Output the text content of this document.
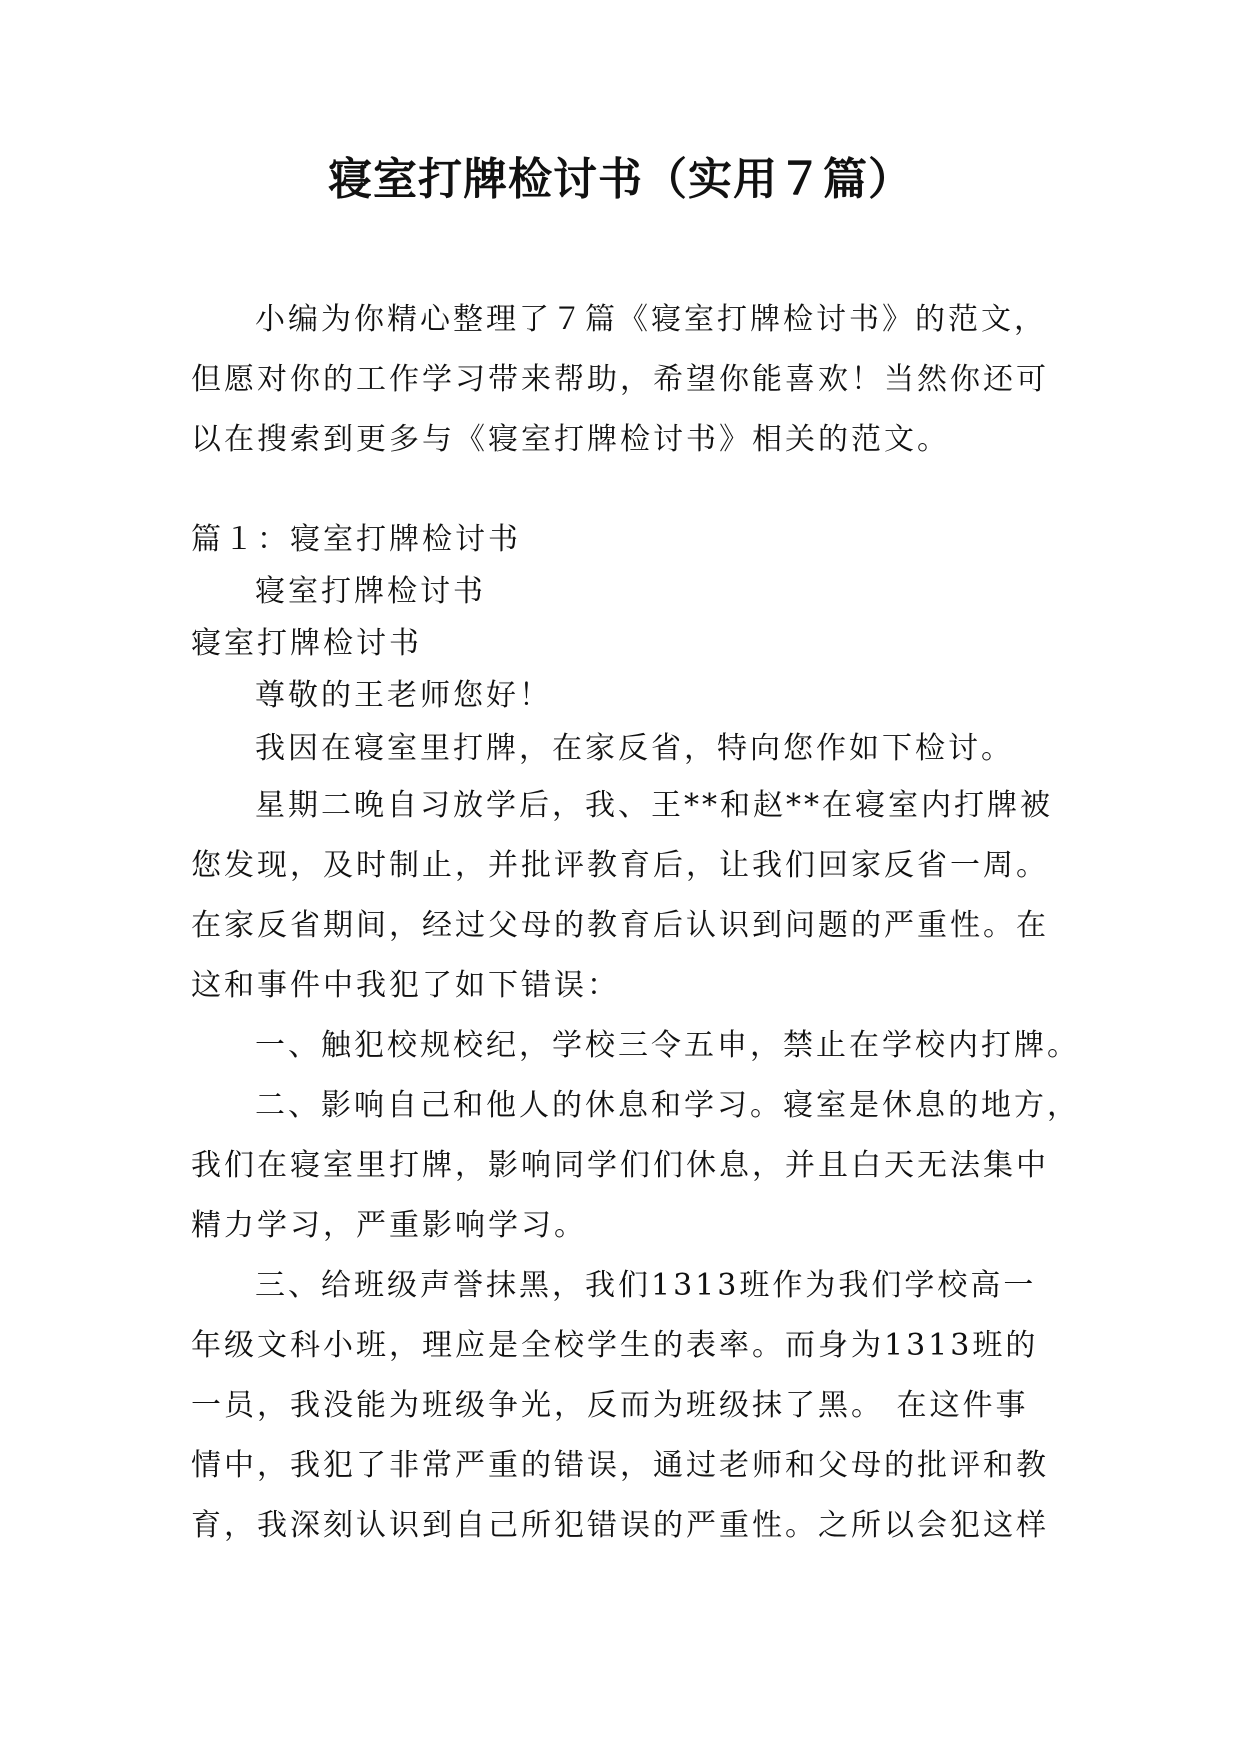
寝室打牌检讨书（实用７篇）

小编为你精心整理了７篇《寝室打牌检讨书》的范文，

但愿对你的工作学习带来帮助，希望你能喜欢！当然你还可

以在搜索到更多与《寝室打牌检讨书》相关的范文。

篇１：寝室打牌检讨书

寝室打牌检讨书

寝室打牌检讨书

尊敬的王老师您好！

我因在寝室里打牌，在家反省，特向您作如下检讨。

星期二晚自习放学后，我、王**和赵**在寝室内打牌被

您发现，及时制止，并批评教育后，让我们回家反省一周。

在家反省期间，经过父母的教育后认识到问题的严重性。在

这和事件中我犯了如下错误：

一、触犯校规校纪，学校三令五申，禁止在学校内打牌。

二、影响自己和他人的休息和学习。寝室是休息的地方，

我们在寝室里打牌，影响同学们们休息，并且白天无法集中

精力学习，严重影响学习。

三、给班级声誉抹黑，我们1313班作为我们学校高一

年级文科小班，理应是全校学生的表率。而身为1313班的

一员，我没能为班级争光，反而为班级抹了黑。 在这件事

情中，我犯了非常严重的错误，通过老师和父母的批评和教

育，我深刻认识到自己所犯错误的严重性。之所以会犯这样
